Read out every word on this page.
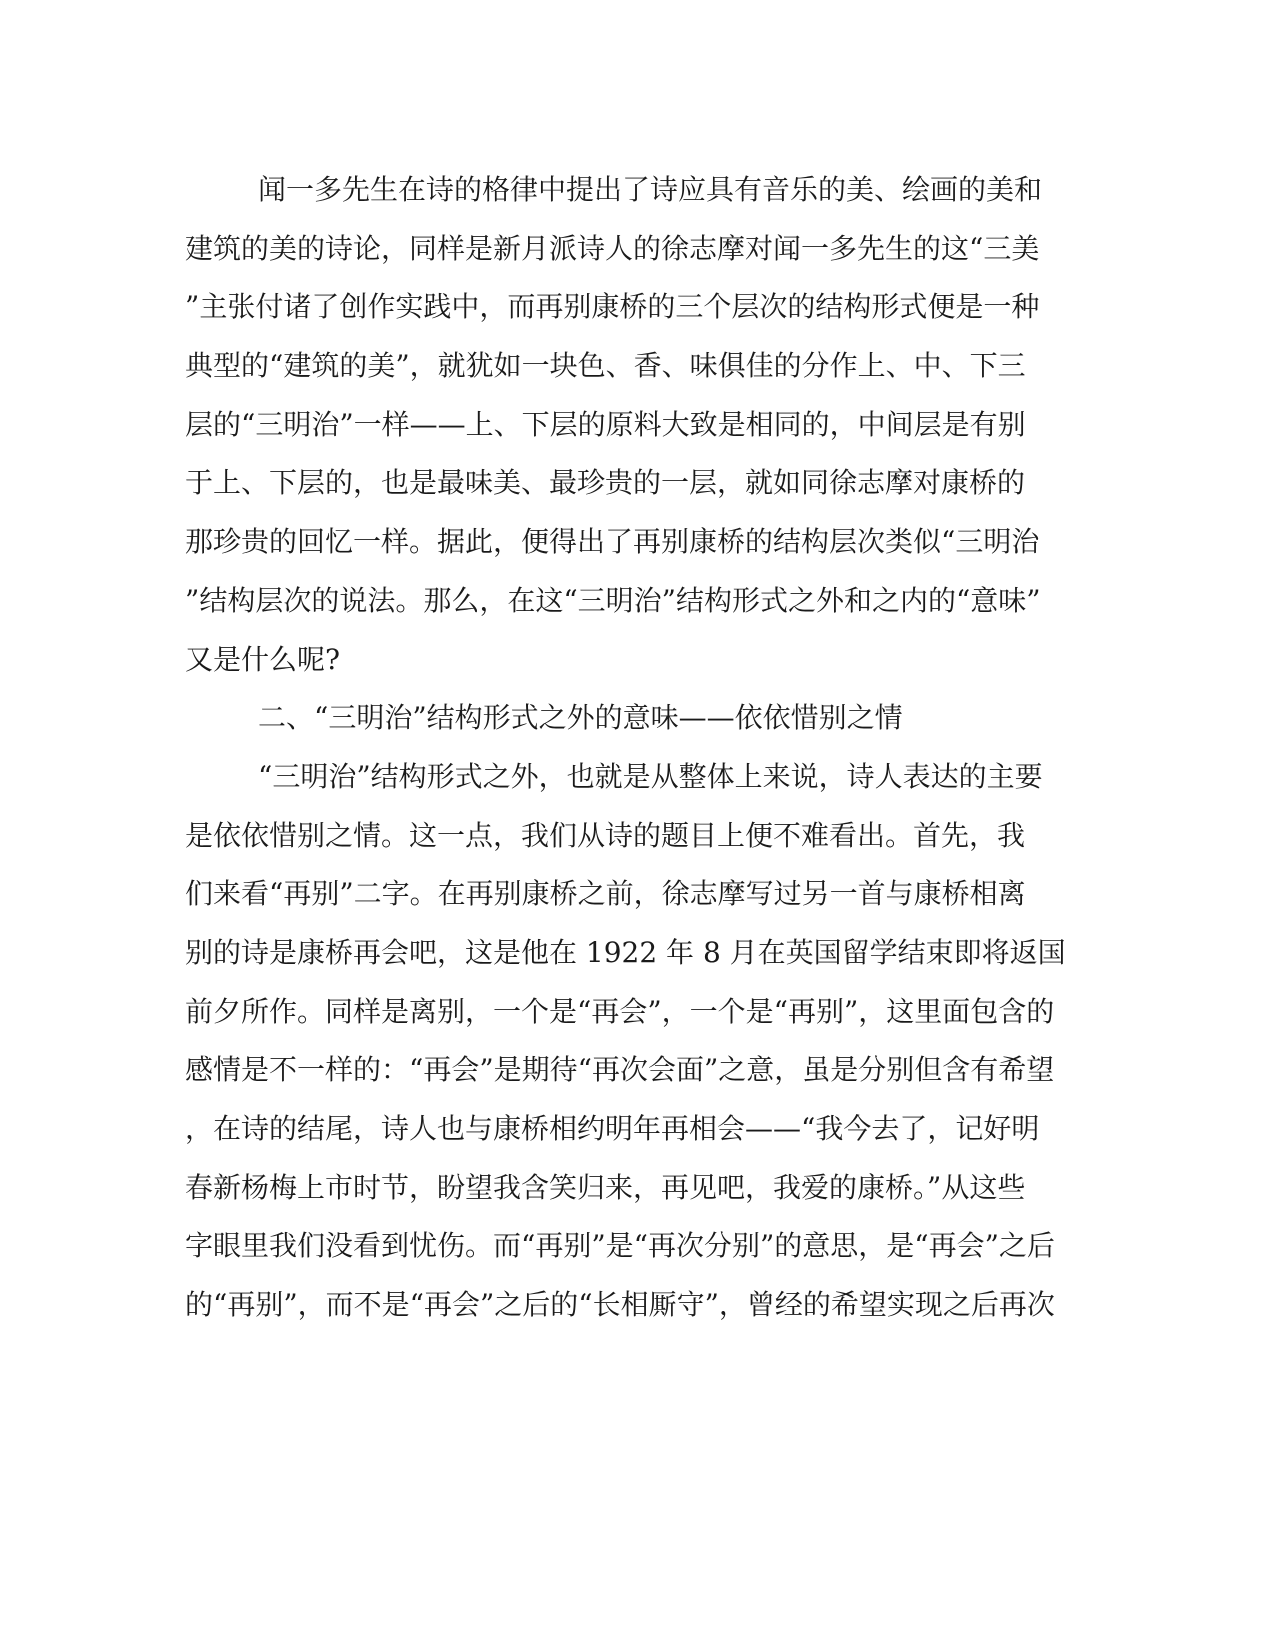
闻一多先生在诗的格律中提出了诗应具有音乐的美、绘画的美和
建筑的美的诗论，同样是新月派诗人的徐志摩对闻一多先生的这“三美
”主张付诸了创作实践中，而再别康桥的三个层次的结构形式便是一种
典型的“建筑的美”，就犹如一块色、香、味俱佳的分作上、中、下三
层的“三明治”一样——上、下层的原料大致是相同的，中间层是有别
于上、下层的，也是最味美、最珍贵的一层，就如同徐志摩对康桥的
那珍贵的回忆一样。据此，便得出了再别康桥的结构层次类似“三明治
”结构层次的说法。那么，在这“三明治”结构形式之外和之内的“意味”
又是什么呢?
二、“三明治”结构形式之外的意味——依依惜别之情
“三明治”结构形式之外，也就是从整体上来说，诗人表达的主要
是依依惜别之情。这一点，我们从诗的题目上便不难看出。首先，我
们来看“再别”二字。在再别康桥之前，徐志摩写过另一首与康桥相离
别的诗是康桥再会吧，这是他在 1922 年 8 月在英国留学结束即将返国
前夕所作。同样是离别，一个是“再会”，一个是“再别”，这里面包含的
感情是不一样的：“再会”是期待“再次会面”之意，虽是分别但含有希望
，在诗的结尾，诗人也与康桥相约明年再相会——“我今去了，记好明
春新杨梅上市时节，盼望我含笑归来，再见吧，我爱的康桥。”从这些
字眼里我们没看到忧伤。而“再别”是“再次分别”的意思，是“再会”之后
的“再别”，而不是“再会”之后的“长相厮守”，曾经的希望实现之后再次
